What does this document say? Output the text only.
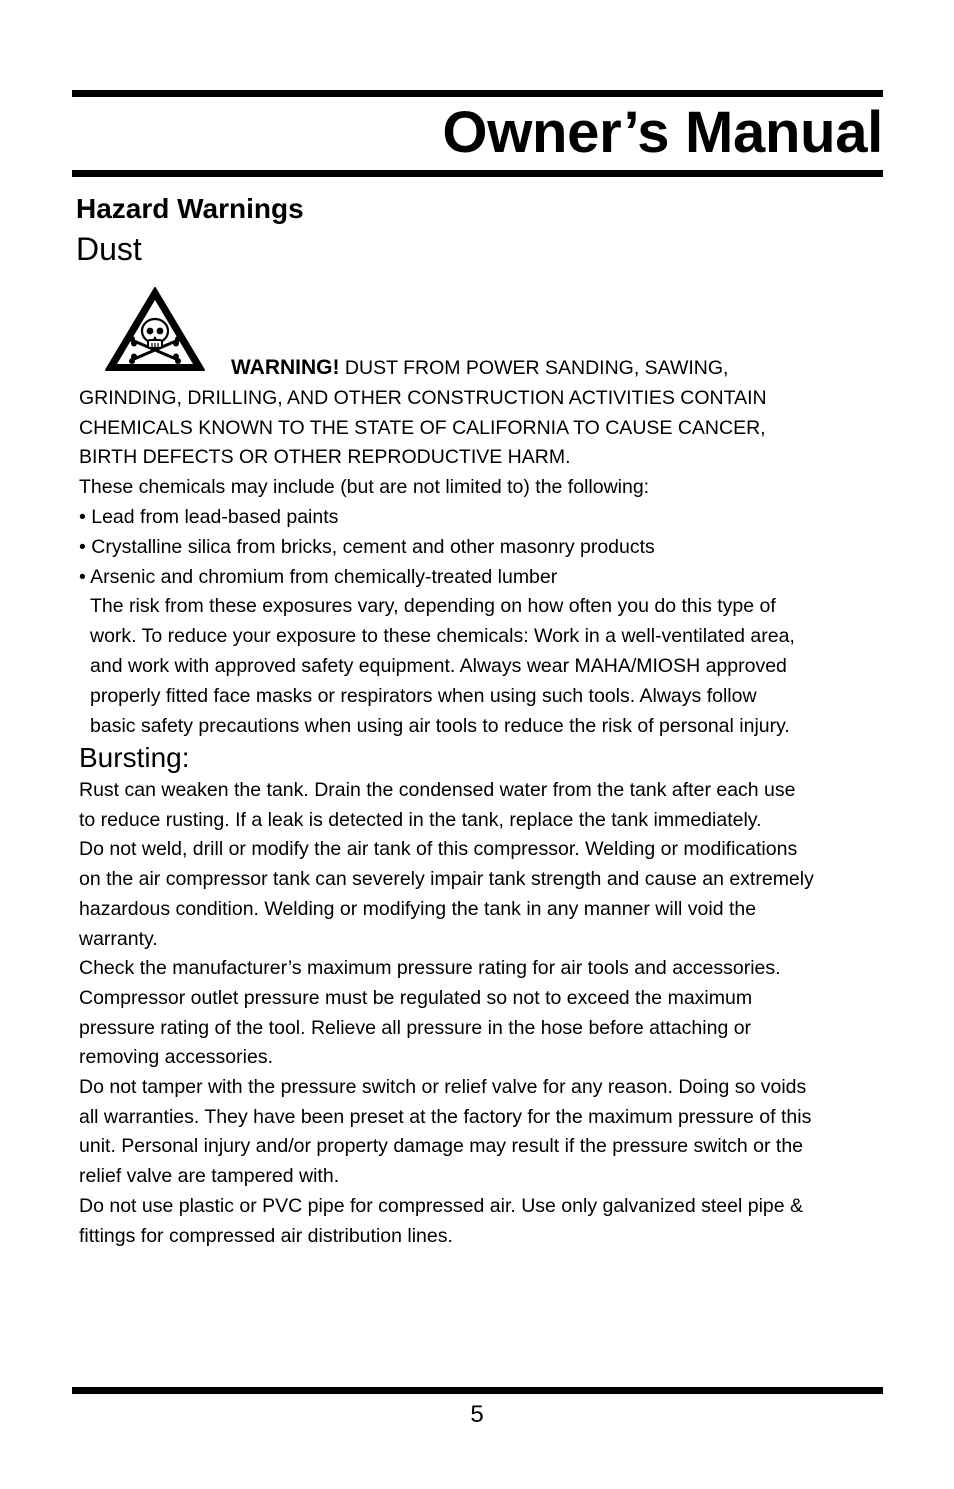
Owner’s Manual
Hazard Warnings
Dust

WARNING! DUST FROM POWER SANDING, SAWING,

GRINDING, DRILLING, AND OTHER CONSTRUCTION ACTIVITIES CONTAIN

CHEMICALS KNOWN TO THE STATE OF CALIFORNIA TO CAUSE CANCER,

BIRTH DEFECTS OR OTHER REPRODUCTIVE HARM.

These chemicals may include (but are not limited to) the following:

• Lead from lead-based paints

• Crystalline silica from bricks, cement and other masonry products

• Arsenic and chromium from chemically-treated lumber

The risk from these exposures vary, depending on how often you do this type of

work. To reduce your exposure to these chemicals: Work in a well-ventilated area,

and work with approved safety equipment. Always wear MAHA/MIOSH approved

properly fitted face masks or respirators when using such tools. Always follow

basic safety precautions when using air tools to reduce the risk of personal injury.

Bursting:

Rust can weaken the tank. Drain the condensed water from the tank after each use

to reduce rusting. If a leak is detected in the tank, replace the tank immediately.

Do not weld, drill or modify the air tank of this compressor. Welding or modifications

on the air compressor tank can severely impair tank strength and cause an extremely

hazardous condition. Welding or modifying the tank in any manner will void the

warranty.

Check the manufacturer’s maximum pressure rating for air tools and accessories.

Compressor outlet pressure must be regulated so not to exceed the maximum

pressure rating of the tool. Relieve all pressure in the hose before attaching or

removing accessories.

Do not tamper with the pressure switch or relief valve for any reason. Doing so voids

all warranties. They have been preset at the factory for the maximum pressure of this

unit. Personal injury and/or property damage may result if the pressure switch or the

relief valve are tampered with.

Do not use plastic or PVC pipe for compressed air. Use only galvanized steel pipe &

fittings for compressed air distribution lines.

5
